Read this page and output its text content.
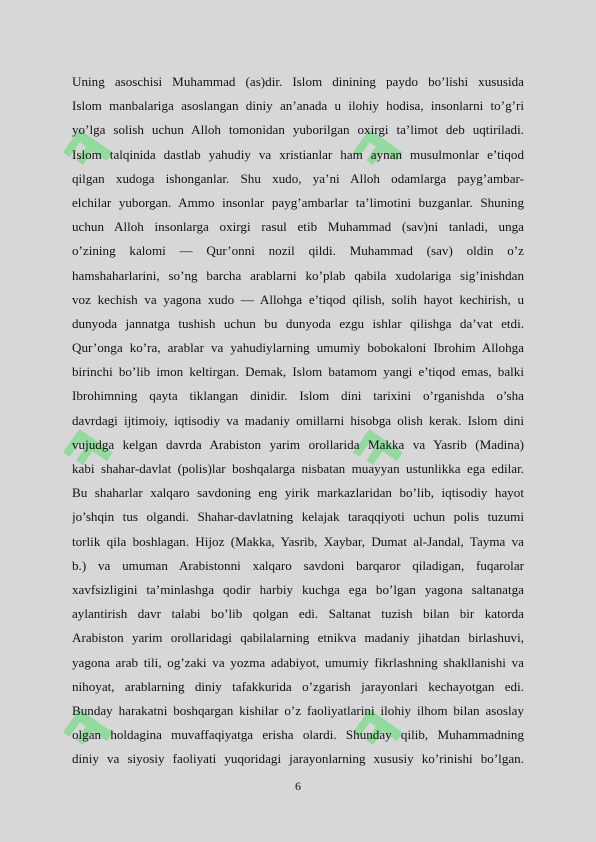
ꟻ	ꟻ
ꟻ	ꟻ
ꟻ	ꟻ
Uning asoschisi Muhammad (as)dir. Islom dinining paydo bo’lishi xususida
Islom manbalariga asoslangan diniy an’anada u ilohiy hodisa, insonlarni to’g’ri
yo’lga solish uchun Alloh tomonidan yuborilgan oxirgi ta’limot deb uqtiriladi.
Islom talqinida dastlab yahudiy va xristianlar ham aynan musulmonlar e’tiqod
qilgan xudoga ishonganlar. Shu xudo, ya’ni Alloh odamlarga payg’ambar-
elchilar yuborgan. Ammo insonlar payg’ambarlar ta’limotini buzganlar. Shuning
uchun Alloh insonlarga oxirgi rasul etib Muhammad (sav)ni tanladi, unga
o’zining kalomi — Qur’onni nozil qildi. Muhammad (sav) oldin o’z
hamshaharlarini, so’ng barcha arablarni ko’plab qabila xudolariga sig’inishdan
voz kechish va yagona xudo — Allohga e’tiqod qilish, solih hayot kechirish, u
dunyoda jannatga tushish uchun bu dunyoda ezgu ishlar qilishga da’vat etdi.
Qur’onga ko’ra, arablar va yahudiylarning umumiy bobokaloni Ibrohim Allohga
birinchi bo’lib imon keltirgan. Demak, Islom batamom yangi e’tiqod emas, balki
Ibrohimning qayta tiklangan dinidir. Islom dini tarixini o’rganishda o’sha
davrdagi ijtimoiy, iqtisodiy va madaniy omillarni hisobga olish kerak. Islom dini
vujudga kelgan davrda Arabiston yarim orollarida Makka va Yasrib (Madina)
kabi shahar-davlat (polis)lar boshqalarga nisbatan muayyan ustunlikka ega edilar.
Bu shaharlar xalqaro savdoning eng yirik markazlaridan bo’lib, iqtisodiy hayot
jo’shqin tus olgandi. Shahar-davlatning kelajak taraqqiyoti uchun polis tuzumi
torlik qila boshlagan. Hijoz (Makka, Yasrib, Xaybar, Dumat al-Jandal, Tayma va
b.) va umuman Arabistonni xalqaro savdoni barqaror qiladigan, fuqarolar
xavfsizligini ta’minlashga qodir harbiy kuchga ega bo’lgan yagona saltanatga
aylantirish davr talabi bo’lib qolgan edi. Saltanat tuzish bilan bir katorda
Arabiston yarim orollaridagi qabilalarning etnikva madaniy jihatdan birlashuvi,
yagona arab tili, og’zaki va yozma adabiyot, umumiy fikrlashning shakllanishi va
nihoyat, arablarning diniy tafakkurida o’zgarish jarayonlari kechayotgan edi.
Bunday harakatni boshqargan kishilar o’z faoliyatlarini ilohiy ilhom bilan asoslay
olgan holdagina muvaffaqiyatga erisha olardi. Shunday qilib, Muhammadning
diniy va siyosiy faoliyati yuqoridagi jarayonlarning xususiy ko’rinishi bo’lgan.
6
